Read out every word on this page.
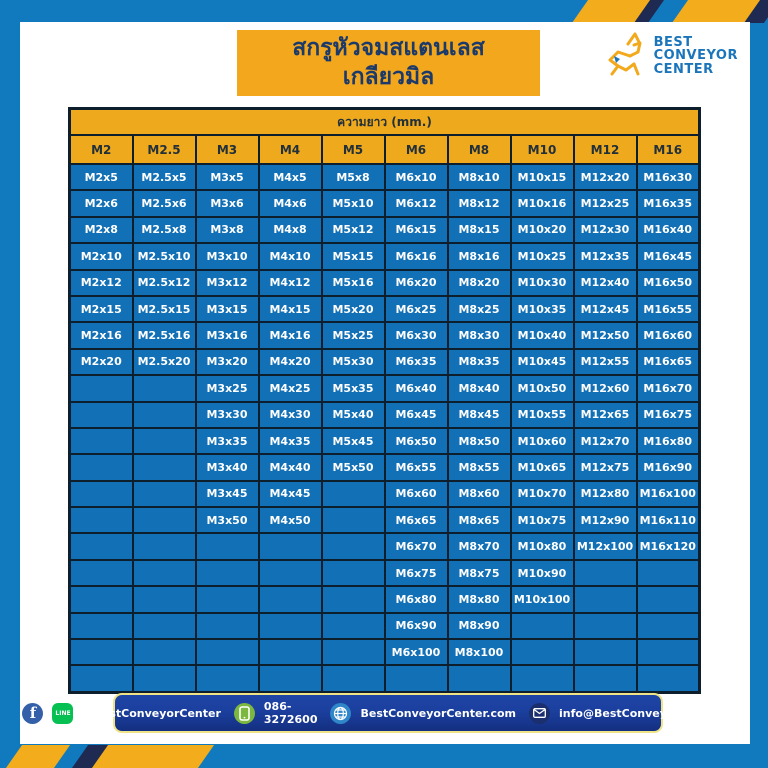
สกรูหัวจมสแตนเลส
เกลียวมิล
BEST
CONVEYOR
CENTER
ความยาว (mm.)									
M2	M2.5	M3	M4	M5	M6	M8	M10	M12	M16
M2x5	M2.5x5	M3x5	M4x5	M5x8	M6x10	M8x10	M10x15	M12x20	M16x30
M2x6	M2.5x6	M3x6	M4x6	M5x10	M6x12	M8x12	M10x16	M12x25	M16x35
M2x8	M2.5x8	M3x8	M4x8	M5x12	M6x15	M8x15	M10x20	M12x30	M16x40
M2x10	M2.5x10	M3x10	M4x10	M5x15	M6x16	M8x16	M10x25	M12x35	M16x45
M2x12	M2.5x12	M3x12	M4x12	M5x16	M6x20	M8x20	M10x30	M12x40	M16x50
M2x15	M2.5x15	M3x15	M4x15	M5x20	M6x25	M8x25	M10x35	M12x45	M16x55
M2x16	M2.5x16	M3x16	M4x16	M5x25	M6x30	M8x30	M10x40	M12x50	M16x60
M2x20	M2.5x20	M3x20	M4x20	M5x30	M6x35	M8x35	M10x45	M12x55	M16x65
		M3x25	M4x25	M5x35	M6x40	M8x40	M10x50	M12x60	M16x70
		M3x30	M4x30	M5x40	M6x45	M8x45	M10x55	M12x65	M16x75
		M3x35	M4x35	M5x45	M6x50	M8x50	M10x60	M12x70	M16x80
		M3x40	M4x40	M5x50	M6x55	M8x55	M10x65	M12x75	M16x90
		M3x45	M4x45		M6x60	M8x60	M10x70	M12x80	M16x100
		M3x50	M4x50		M6x65	M8x65	M10x75	M12x90	M16x110
					M6x70	M8x70	M10x80	M12x100	M16x120
					M6x75	M8x75	M10x90		
					M6x80	M8x80	M10x100		
					M6x90	M8x90			
					M6x100	M8x100			

f	LINE @BestConveyorCenter	086-3272600	BestConveyorCenter.com	info@BestConveyorCenter.com
